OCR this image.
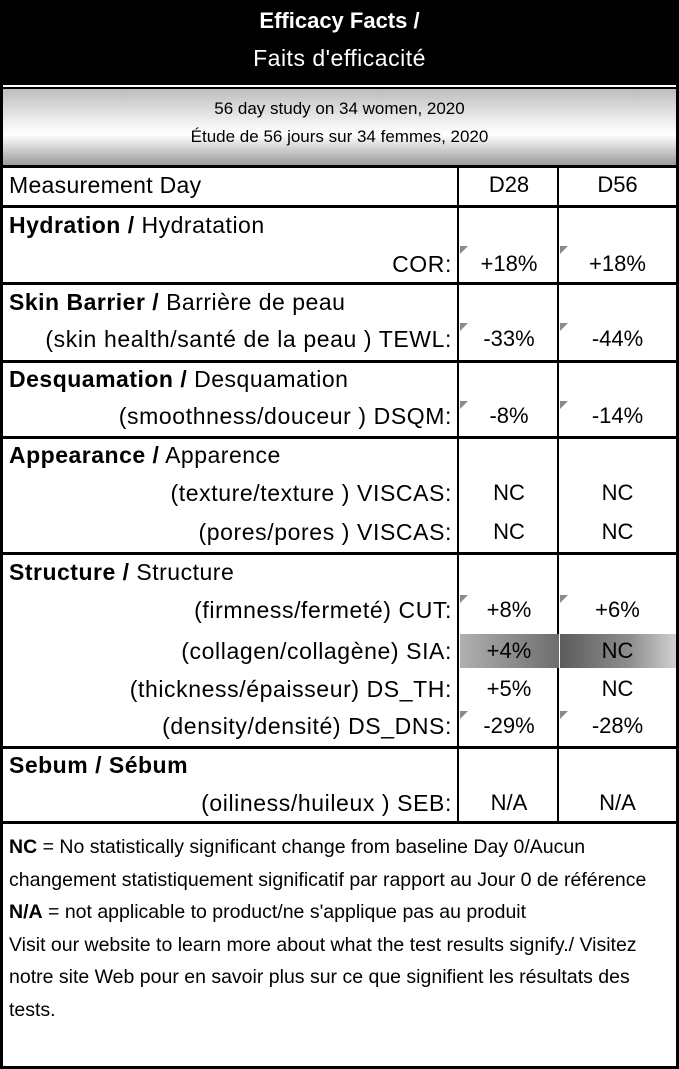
Efficacy Facts /
Faits d'efficacité
56 day study on 34 women, 2020
Étude de 56 jours sur 34 femmes, 2020
Measurement Day	D28	D56
Hydration / Hydratation
COR:	+18%	+18%
Skin Barrier / Barrière de peau
(skin health/santé de la peau ) TEWL:	-33%	-44%
Desquamation / Desquamation
(smoothness/douceur ) DSQM:	-8%	-14%
Appearance / Apparence
(texture/texture ) VISCAS:	NC	NC
(pores/pores ) VISCAS:	NC	NC
Structure / Structure
(firmness/fermeté) CUT:	+8%	+6%
(collagen/collagène) SIA:	+4%	NC
(thickness/épaisseur) DS_TH:	+5%	NC
(density/densité) DS_DNS:	-29%	-28%
Sebum / Sébum
(oiliness/huileux ) SEB:	N/A	N/A

NC = No statistically significant change from baseline Day 0/Aucun changement statistiquement significatif par rapport au Jour 0 de référence

N/A = not applicable to product/ne s'applique pas au produit

Visit our website to learn more about what the test results signify./ Visitez notre site Web pour en savoir plus sur ce que signifient les résultats des tests.
